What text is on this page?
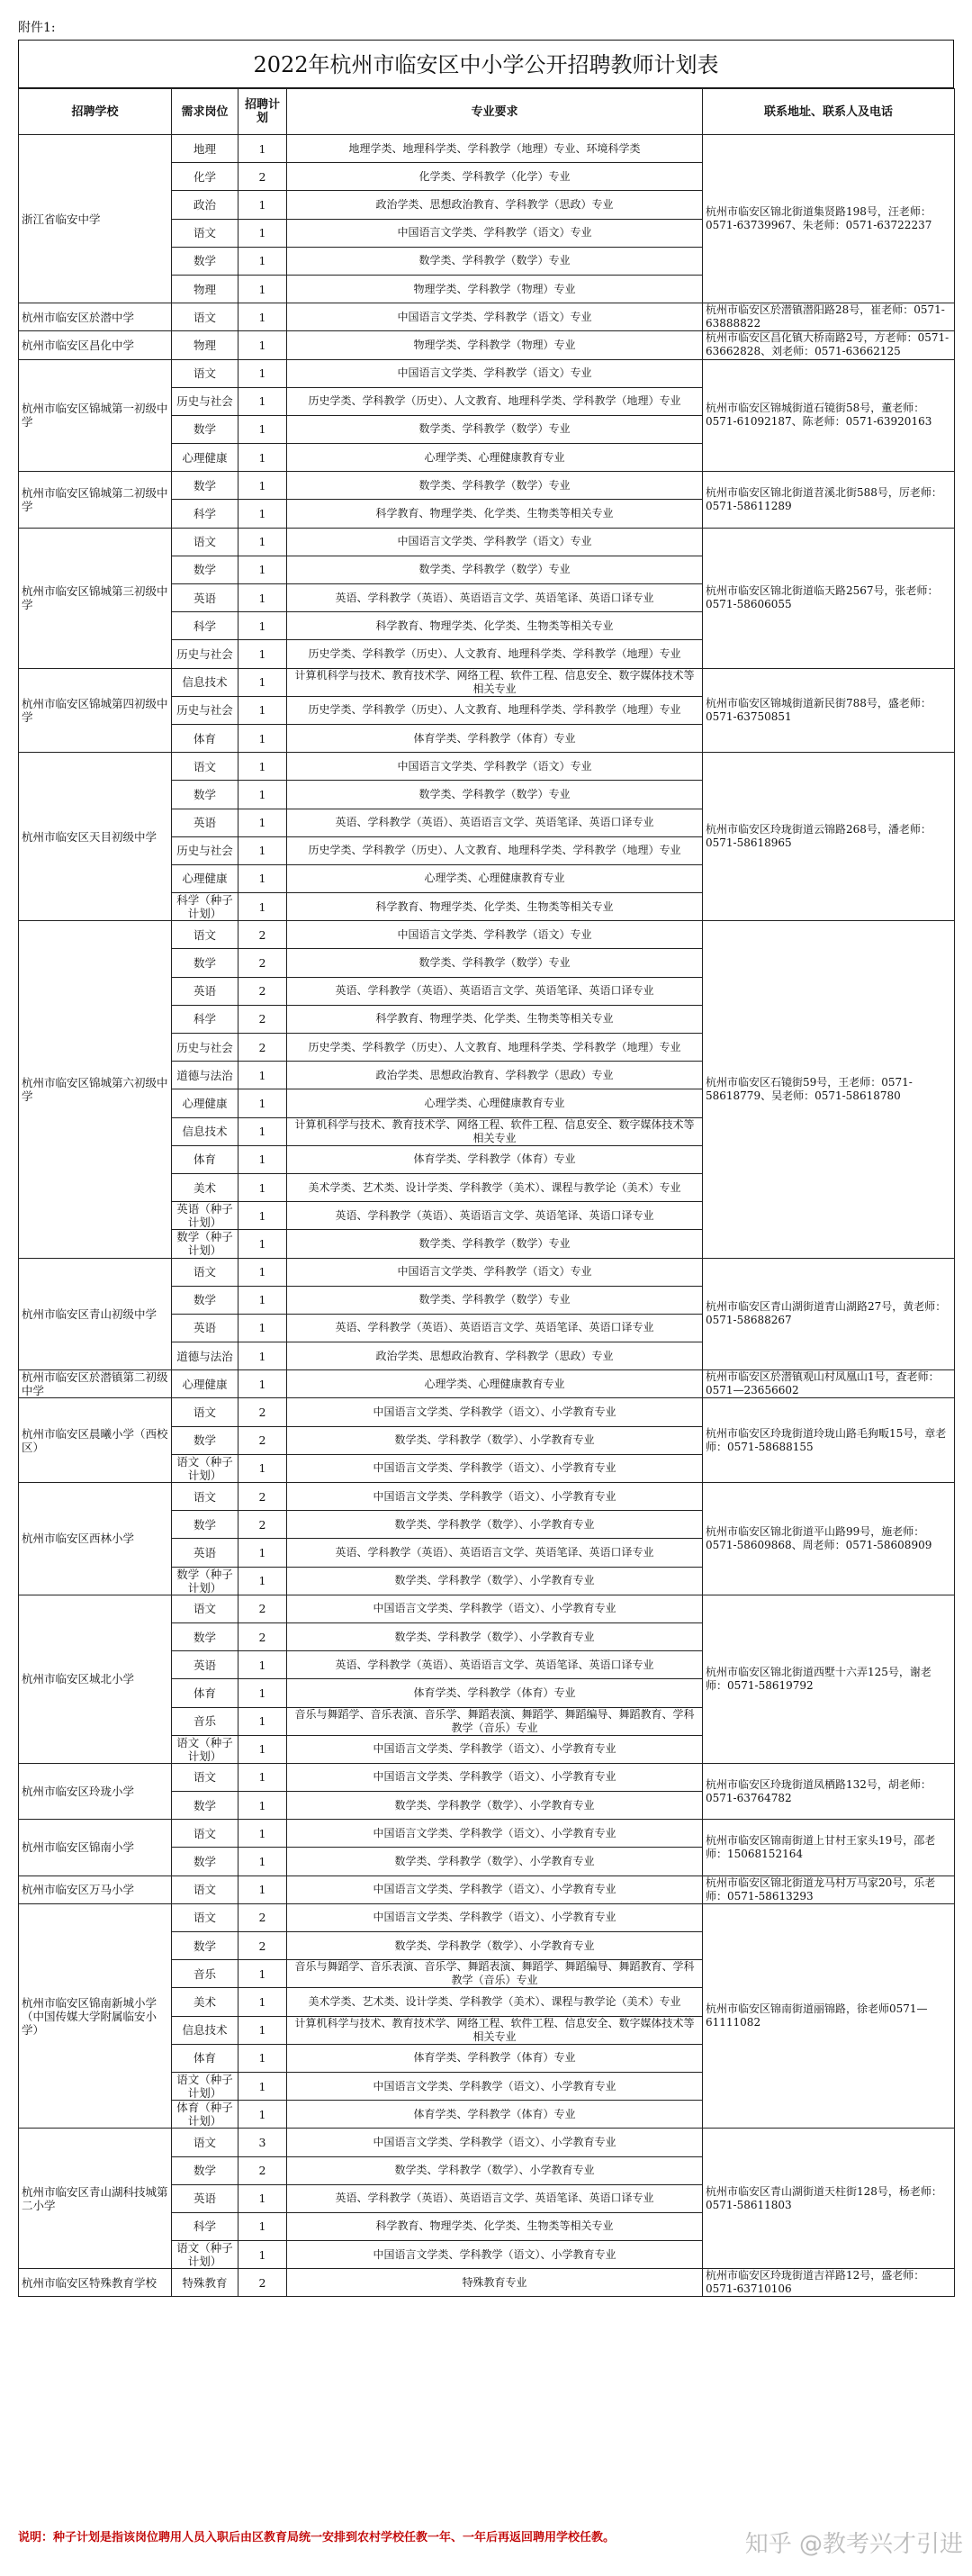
附件1:
2022年杭州市临安区中小学公开招聘教师计划表
招聘学校	需求岗位	招聘计划	专业要求	联系地址、联系人及电话
浙江省临安中学	地理	1	地理学类、地理科学类、学科教学（地理）专业、环境科学类	杭州市临安区锦北街道集贤路198号，汪老师：0571-63739967、朱老师：0571-63722237
	化学	2	化学类、学科教学（化学）专业	
	政治	1	政治学类、思想政治教育、学科教学（思政）专业	
	语文	1	中国语言文学类、学科教学（语文）专业	
	数学	1	数学类、学科教学（数学）专业	
	物理	1	物理学类、学科教学（物理）专业	
杭州市临安区於潜中学	语文	1	中国语言文学类、学科教学（语文）专业	杭州市临安区於潜镇潜阳路28号，崔老师：0571-63888822
杭州市临安区昌化中学	物理	1	物理学类、学科教学（物理）专业	杭州市临安区昌化镇大桥南路2号，方老师：0571-63662828、刘老师：0571-63662125
杭州市临安区锦城第一初级中学	语文	1	中国语言文学类、学科教学（语文）专业	杭州市临安区锦城街道石镜街58号，董老师：0571-61092187、陈老师：0571-63920163
	历史与社会	1	历史学类、学科教学（历史）、人文教育、地理科学类、学科教学（地理）专业	
	数学	1	数学类、学科教学（数学）专业	
	心理健康	1	心理学类、心理健康教育专业	
杭州市临安区锦城第二初级中学	数学	1	数学类、学科教学（数学）专业	杭州市临安区锦北街道苕溪北街588号，厉老师：0571-58611289
	科学	1	科学教育、物理学类、化学类、生物类等相关专业	
杭州市临安区锦城第三初级中学	语文	1	中国语言文学类、学科教学（语文）专业	杭州市临安区锦北街道临天路2567号，张老师：0571-58606055
	数学	1	数学类、学科教学（数学）专业	
	英语	1	英语、学科教学（英语）、英语语言文学、英语笔译、英语口译专业	
	科学	1	科学教育、物理学类、化学类、生物类等相关专业	
	历史与社会	1	历史学类、学科教学（历史）、人文教育、地理科学类、学科教学（地理）专业	
杭州市临安区锦城第四初级中学	信息技术	1	计算机科学与技术、教育技术学、网络工程、软件工程、信息安全、数字媒体技术等相关专业	杭州市临安区锦城街道新民街788号，盛老师：0571-63750851
	历史与社会	1	历史学类、学科教学（历史）、人文教育、地理科学类、学科教学（地理）专业	
	体育	1	体育学类、学科教学（体育）专业	
杭州市临安区天目初级中学	语文	1	中国语言文学类、学科教学（语文）专业	杭州市临安区玲珑街道云锦路268号，潘老师：0571-58618965
	数学	1	数学类、学科教学（数学）专业	
	英语	1	英语、学科教学（英语）、英语语言文学、英语笔译、英语口译专业	
	历史与社会	1	历史学类、学科教学（历史）、人文教育、地理科学类、学科教学（地理）专业	
	心理健康	1	心理学类、心理健康教育专业	
	科学（种子计划）	1	科学教育、物理学类、化学类、生物类等相关专业	
杭州市临安区锦城第六初级中学	语文	2	中国语言文学类、学科教学（语文）专业	杭州市临安区石镜街59号，王老师：0571-58618779、吴老师：0571-58618780
	数学	2	数学类、学科教学（数学）专业	
	英语	2	英语、学科教学（英语）、英语语言文学、英语笔译、英语口译专业	
	科学	2	科学教育、物理学类、化学类、生物类等相关专业	
	历史与社会	2	历史学类、学科教学（历史）、人文教育、地理科学类、学科教学（地理）专业	
	道德与法治	1	政治学类、思想政治教育、学科教学（思政）专业	
	心理健康	1	心理学类、心理健康教育专业	
	信息技术	1	计算机科学与技术、教育技术学、网络工程、软件工程、信息安全、数字媒体技术等相关专业	
	体育	1	体育学类、学科教学（体育）专业	
	美术	1	美术学类、艺术类、设计学类、学科教学（美术）、课程与教学论（美术）专业	
	英语（种子计划）	1	英语、学科教学（英语）、英语语言文学、英语笔译、英语口译专业	
	数学（种子计划）	1	数学类、学科教学（数学）专业	
杭州市临安区青山初级中学	语文	1	中国语言文学类、学科教学（语文）专业	杭州市临安区青山湖街道青山湖路27号，黄老师：0571-58688267
	数学	1	数学类、学科教学（数学）专业	
	英语	1	英语、学科教学（英语）、英语语言文学、英语笔译、英语口译专业	
	道德与法治	1	政治学类、思想政治教育、学科教学（思政）专业	
杭州市临安区於潜镇第二初级中学	心理健康	1	心理学类、心理健康教育专业	杭州市临安区於潜镇观山村凤凰山1号，査老师：0571—23656602
杭州市临安区晨曦小学（西校区）	语文	2	中国语言文学类、学科教学（语文）、小学教育专业	杭州市临安区玲珑街道玲珑山路毛狗畈15号，章老师：0571-58688155
	数学	2	数学类、学科教学（数学）、小学教育专业	
	语文（种子计划）	1	中国语言文学类、学科教学（语文）、小学教育专业	
杭州市临安区西林小学	语文	2	中国语言文学类、学科教学（语文）、小学教育专业	杭州市临安区锦北街道平山路99号，施老师：0571-58609868、周老师：0571-58608909
	数学	2	数学类、学科教学（数学）、小学教育专业	
	英语	1	英语、学科教学（英语）、英语语言文学、英语笔译、英语口译专业	
	数学（种子计划）	1	数学类、学科教学（数学）、小学教育专业	
杭州市临安区城北小学	语文	2	中国语言文学类、学科教学（语文）、小学教育专业	杭州市临安区锦北街道西墅十六弄125号，谢老师：0571-58619792
	数学	2	数学类、学科教学（数学）、小学教育专业	
	英语	1	英语、学科教学（英语）、英语语言文学、英语笔译、英语口译专业	
	体育	1	体育学类、学科教学（体育）专业	
	音乐	1	音乐与舞蹈学、音乐表演、音乐学、舞蹈表演、舞蹈学、舞蹈编导、舞蹈教育、学科教学（音乐）专业	
	语文（种子计划）	1	中国语言文学类、学科教学（语文）、小学教育专业	
杭州市临安区玲珑小学	语文	1	中国语言文学类、学科教学（语文）、小学教育专业	杭州市临安区玲珑街道凤栖路132号，胡老师：0571-63764782
	数学	1	数学类、学科教学（数学）、小学教育专业	
杭州市临安区锦南小学	语文	1	中国语言文学类、学科教学（语文）、小学教育专业	杭州市临安区锦南街道上甘村王家头19号，邵老师：15068152164
	数学	1	数学类、学科教学（数学）、小学教育专业	
杭州市临安区万马小学	语文	1	中国语言文学类、学科教学（语文）、小学教育专业	杭州市临安区锦北街道龙马村万马家20号，乐老师：0571-58613293
杭州市临安区锦南新城小学（中国传媒大学附属临安小学）	语文	2	中国语言文学类、学科教学（语文）、小学教育专业	杭州市临安区锦南街道丽锦路，徐老师0571—61111082
	数学	2	数学类、学科教学（数学）、小学教育专业	
	音乐	1	音乐与舞蹈学、音乐表演、音乐学、舞蹈表演、舞蹈学、舞蹈编导、舞蹈教育、学科教学（音乐）专业	
	美术	1	美术学类、艺术类、设计学类、学科教学（美术）、课程与教学论（美术）专业	
	信息技术	1	计算机科学与技术、教育技术学、网络工程、软件工程、信息安全、数字媒体技术等相关专业	
	体育	1	体育学类、学科教学（体育）专业	
	语文（种子计划）	1	中国语言文学类、学科教学（语文）、小学教育专业	
	体育（种子计划）	1	体育学类、学科教学（体育）专业	
杭州市临安区青山湖科技城第二小学	语文	3	中国语言文学类、学科教学（语文）、小学教育专业	杭州市临安区青山湖街道天柱街128号，杨老师：0571-58611803
	数学	2	数学类、学科教学（数学）、小学教育专业	
	英语	1	英语、学科教学（英语）、英语语言文学、英语笔译、英语口译专业	
	科学	1	科学教育、物理学类、化学类、生物类等相关专业	
	语文（种子计划）	1	中国语言文学类、学科教学（语文）、小学教育专业	
杭州市临安区特殊教育学校	特殊教育	2	特殊教育专业	杭州市临安区玲珑街道吉祥路12号，盛老师：0571-63710106
说明：种子计划是指该岗位聘用人员入职后由区教育局统一安排到农村学校任教一年、一年后再返回聘用学校任教。	知乎 @教考兴才引进
